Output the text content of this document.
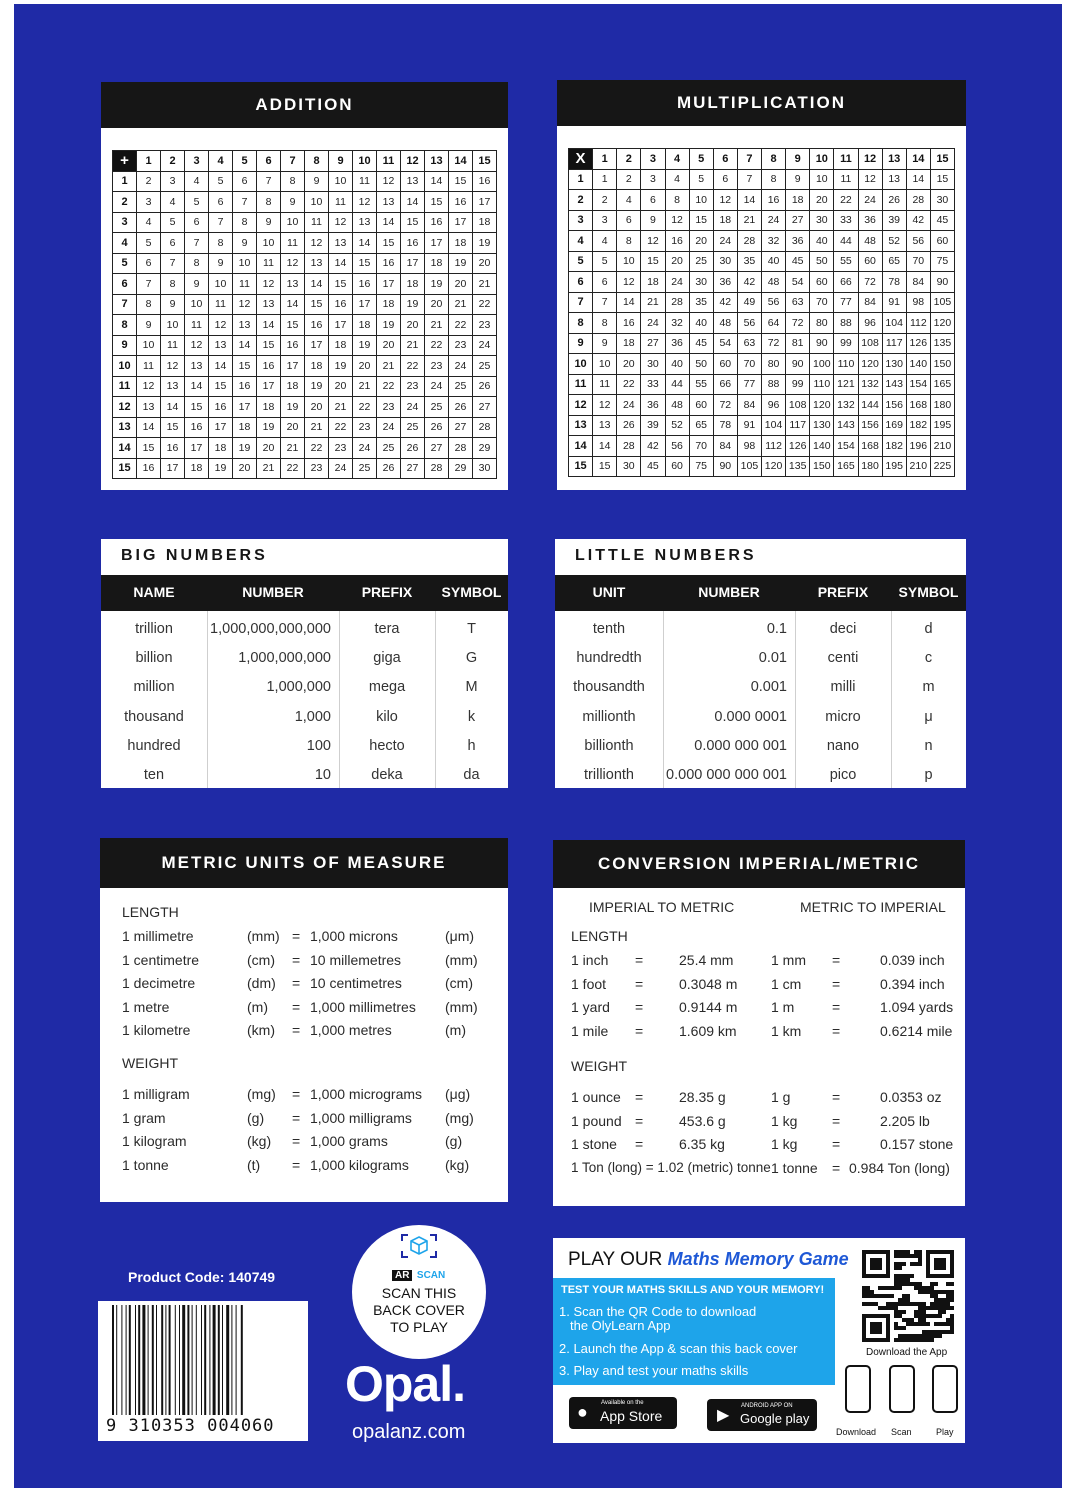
ADDITION
+	1	2	3	4	5	6	7	8	9	10	11	12	13	14	15
1	2	3	4	5	6	7	8	9	10	11	12	13	14	15	16
2	3	4	5	6	7	8	9	10	11	12	13	14	15	16	17
3	4	5	6	7	8	9	10	11	12	13	14	15	16	17	18
4	5	6	7	8	9	10	11	12	13	14	15	16	17	18	19
5	6	7	8	9	10	11	12	13	14	15	16	17	18	19	20
6	7	8	9	10	11	12	13	14	15	16	17	18	19	20	21
7	8	9	10	11	12	13	14	15	16	17	18	19	20	21	22
8	9	10	11	12	13	14	15	16	17	18	19	20	21	22	23
9	10	11	12	13	14	15	16	17	18	19	20	21	22	23	24
10	11	12	13	14	15	16	17	18	19	20	21	22	23	24	25
11	12	13	14	15	16	17	18	19	20	21	22	23	24	25	26
12	13	14	15	16	17	18	19	20	21	22	23	24	25	26	27
13	14	15	16	17	18	19	20	21	22	23	24	25	26	27	28
14	15	16	17	18	19	20	21	22	23	24	25	26	27	28	29
15	16	17	18	19	20	21	22	23	24	25	26	27	28	29	30
MULTIPLICATION
X	1	2	3	4	5	6	7	8	9	10	11	12	13	14	15
1	1	2	3	4	5	6	7	8	9	10	11	12	13	14	15
2	2	4	6	8	10	12	14	16	18	20	22	24	26	28	30
3	3	6	9	12	15	18	21	24	27	30	33	36	39	42	45
4	4	8	12	16	20	24	28	32	36	40	44	48	52	56	60
5	5	10	15	20	25	30	35	40	45	50	55	60	65	70	75
6	6	12	18	24	30	36	42	48	54	60	66	72	78	84	90
7	7	14	21	28	35	42	49	56	63	70	77	84	91	98	105
8	8	16	24	32	40	48	56	64	72	80	88	96	104	112	120
9	9	18	27	36	45	54	63	72	81	90	99	108	117	126	135
10	10	20	30	40	50	60	70	80	90	100	110	120	130	140	150
11	11	22	33	44	55	66	77	88	99	110	121	132	143	154	165
12	12	24	36	48	60	72	84	96	108	120	132	144	156	168	180
13	13	26	39	52	65	78	91	104	117	130	143	156	169	182	195
14	14	28	42	56	70	84	98	112	126	140	154	168	182	196	210
15	15	30	45	60	75	90	105	120	135	150	165	180	195	210	225
BIG NUMBERS
NAME	NUMBER	PREFIX	SYMBOL
trillion	1,000,000,000,000	tera	T
billion	1,000,000,000	giga	G
million	1,000,000	mega	M
thousand	1,000	kilo	k
hundred	100	hecto	h
ten	10	deka	da
LITTLE NUMBERS
UNIT	NUMBER	PREFIX	SYMBOL
tenth	0.1	deci	d
hundredth	0.01	centi	c
thousandth	0.001	milli	m
millionth	0.000 0001	micro	μ
billionth	0.000 000 001	nano	n
trillionth	0.000 000 000 001	pico	p
METRIC UNITS OF MEASURE
LENGTH
1 millimetre	(mm) = 1,000 microns	(μm)
1 centimetre	(cm) = 10 millemetres	(mm)
1 decimetre	(dm) = 10 centimetres	(cm)
1 metre	(m) = 1,000 millimetres (mm)
1 kilometre	(km) = 1,000 metres	(m)
WEIGHT
1 milligram	(mg) = 1,000 micrograms (μg)
1 gram	(g) = 1,000 milligrams (mg)
1 kilogram	(kg) = 1,000 grams	(g)
1 tonne	(t) = 1,000 kilograms	(kg)
CONVERSION IMPERIAL/METRIC
IMPERIAL TO METRIC	METRIC TO IMPERIAL
LENGTH
1 inch =	25.4 mm	1 mm =	0.039 inch
1 foot =	0.3048 m 1 cm =	0.394 inch
1 yard =	0.9144 m 1 m	=	1.094 yards
1 mile =	1.609 km 1 km =	0.6214 mile
WEIGHT
1 ounce =	28.35 g	1 g	=	0.0353 oz
1 pound =	453.6 g	1 kg =	2.205 lb
1 stone =	6.35 kg	1 kg =	0.157 stone
1 Ton (long) = 1.02 (metric) tonne 1 tonne = 0.984 Ton (long)
Product Code: 140749
9 310353 004060
AR SCAN
SCAN THIS
BACK COVER
TO PLAY
Opal.
opalanz.com
PLAY OUR Maths Memory Game
TEST YOUR MATHS SKILLS AND YOUR MEMORY!
1. Scan the QR Code to download
the OlyLearn App
2. Launch the App & scan this back cover
3. Play and test your maths skills
● Available on the
App Store	▶
ANDROID APP ON
Google play
Download the App
Download Scan	Play
